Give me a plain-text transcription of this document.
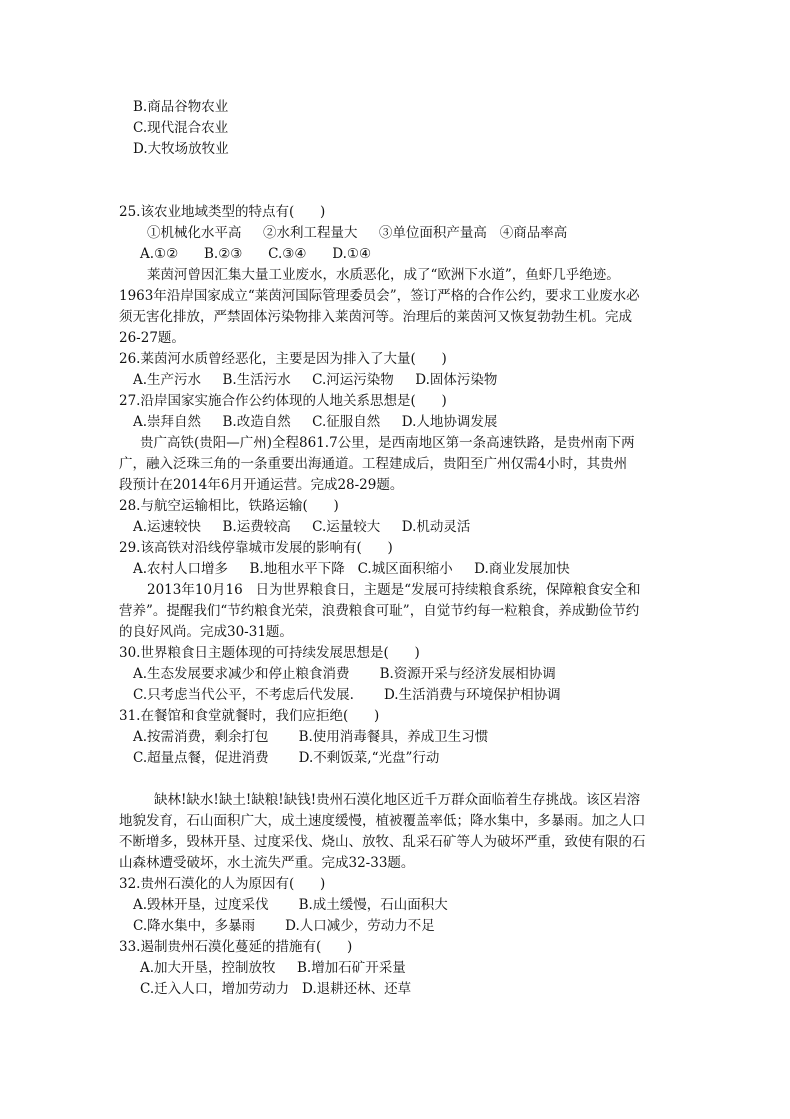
B.商品谷物农业
C.现代混合农业
D.大牧场放牧业
25.该农业地域类型的特点有(      )
①机械化水平高     ②水利工程量大     ③单位面积产量高   ④商品率高
A.①②      B.②③      C.③④      D.①④
莱茵河曾因汇集大量工业废水，水质恶化，成了“欧洲下水道”，鱼虾几乎绝迹。
1963年沿岸国家成立“莱茵河国际管理委员会”，签订严格的合作公约，要求工业废水必
须无害化排放，严禁固体污染物排入莱茵河等。治理后的莱茵河又恢复勃勃生机。完成
26-27题。
26.莱茵河水质曾经恶化，主要是因为排入了大量(      )
A.生产污水     B.生活污水     C.河运污染物     D.固体污染物
27.沿岸国家实施合作公约体现的人地关系思想是(      )
A.崇拜自然     B.改造自然     C.征服自然     D.人地协调发展
贵广高铁(贵阳—广州)全程861.7公里，是西南地区第一条高速铁路，是贵州南下两
广，融入泛珠三角的一条重要出海通道。工程建成后，贵阳至广州仅需4小时，其贵州
段预计在2014年6月开通运营。完成28-29题。
28.与航空运输相比，铁路运输(      )
A.运速较快     B.运费较高     C.运量较大     D.机动灵活
29.该高铁对沿线停靠城市发展的影响有(      )
A.农村人口增多     B.地租水平下降   C.城区面积缩小     D.商业发展加快
2013年10月16   日为世界粮食日，主题是“发展可持续粮食系统，保障粮食安全和
营养”。提醒我们“节约粮食光荣，浪费粮食可耻”，自觉节约每一粒粮食，养成勤俭节约
的良好风尚。完成30-31题。
30.世界粮食日主题体现的可持续发展思想是(      )
A.生态发展要求减少和停止粮食消费       B.资源开采与经济发展相协调
C.只考虑当代公平，不考虑后代发展.       D.生活消费与环境保护相协调
31.在餐馆和食堂就餐时，我们应拒绝(      )
A.按需消费，剩余打包       B.使用消毒餐具，养成卫生习惯
C.超量点餐，促进消费       D.不剩饭菜,“光盘”行动
缺林!缺水!缺土!缺粮!缺钱!贵州石漠化地区近千万群众面临着生存挑战。该区岩溶
地貌发育，石山面积广大，成土速度缓慢，植被覆盖率低；降水集中，多暴雨。加之人口
不断增多，毁林开垦、过度采伐、烧山、放牧、乱采石矿等人为破坏严重，致使有限的石
山森林遭受破坏，水土流失严重。完成32-33题。
32.贵州石漠化的人为原因有(      )
A.毁林开垦，过度采伐       B.成土缓慢，石山面积大
C.降水集中，多暴雨       D.人口减少，劳动力不足
33.遏制贵州石漠化蔓延的措施有(      )
A.加大开垦，控制放牧     B.增加石矿开采量
C.迁入人口，增加劳动力   D.退耕还林、还草
